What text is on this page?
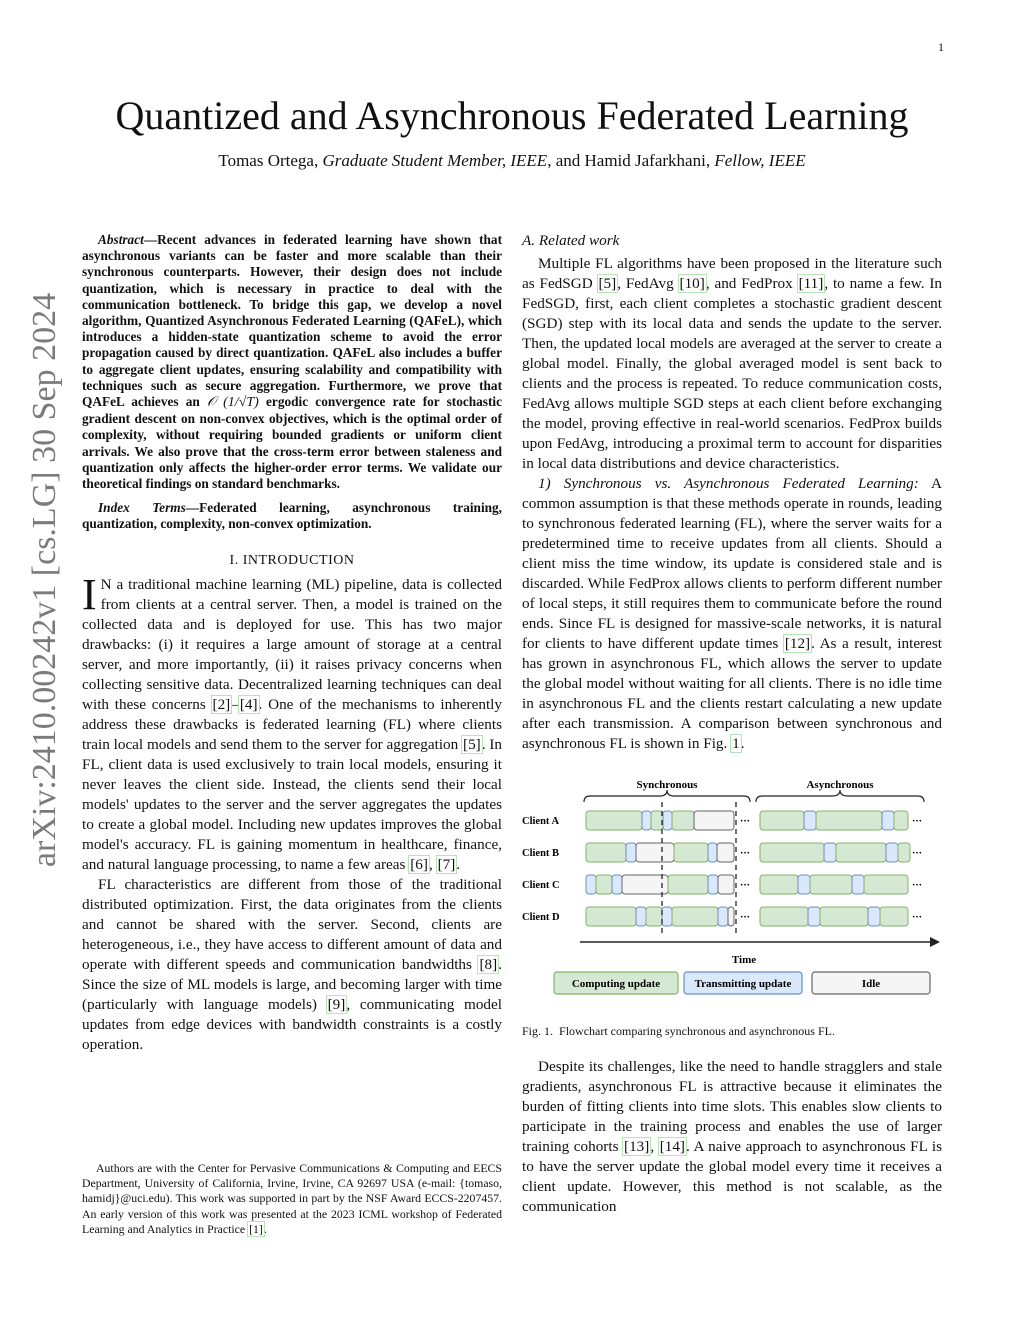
1
arXiv:2410.00242v1 [cs.LG] 30 Sep 2024
Quantized and Asynchronous Federated Learning
Tomas Ortega, Graduate Student Member, IEEE, and Hamid Jafarkhani, Fellow, IEEE

Abstract—Recent advances in federated learning have shown that asynchronous variants can be faster and more scalable than their synchronous counterparts. However, their design does not include quantization, which is necessary in practice to deal with the communication bottleneck. To bridge this gap, we develop a novel algorithm, Quantized Asynchronous Federated Learning (QAFeL), which introduces a hidden-state quantization scheme to avoid the error propagation caused by direct quantization. QAFeL also includes a buffer to aggregate client updates, ensuring scalability and compatibility with techniques such as secure aggregation. Furthermore, we prove that QAFeL achieves an 𝒪 (1/√T) ergodic convergence rate for stochastic gradient descent on non-convex objectives, which is the optimal order of complexity, without requiring bounded gradients or uniform client arrivals. We also prove that the cross-term error between staleness and quantization only affects the higher-order error terms. We validate our theoretical findings on standard benchmarks.

Index Terms—Federated learning, asynchronous training, quantization, complexity, non-convex optimization.

I. INTRODUCTION

I N a traditional machine learning (ML) pipeline, data is collected from clients at a central server. Then, a model is trained on the collected data and is deployed for use. This has two major drawbacks: (i) it requires a large amount of storage at a central server, and more importantly, (ii) it raises privacy concerns when collecting sensitive data. Decentralized learning techniques can deal with these concerns [2]–[4]. One of the mechanisms to inherently address these drawbacks is federated learning (FL) where clients train local models and send them to the server for aggregation [5]. In FL, client data is used exclusively to train local models, ensuring it never leaves the client side. Instead, the clients send their local models' updates to the server and the server aggregates the updates to create a global model. Including new updates improves the global model's accuracy. FL is gaining momentum in healthcare, finance, and natural language processing, to name a few areas [6], [7].

FL characteristics are different from those of the traditional distributed optimization. First, the data originates from the clients and cannot be shared with the server. Second, clients are heterogeneous, i.e., they have access to different amount of data and operate with different speeds and communication bandwidths [8]. Since the size of ML models is large, and becoming larger with time (particularly with language models) [9], communicating model updates from edge devices with bandwidth constraints is a costly operation.

Authors are with the Center for Pervasive Communications & Computing and EECS Department, University of California, Irvine, Irvine, CA 92697 USA (e-mail: {tomaso, hamidj}@uci.edu). This work was supported in part by the NSF Award ECCS-2207457. An early version of this work was presented at the 2023 ICML workshop of Federated Learning and Analytics in Practice [1].

A. Related work

Multiple FL algorithms have been proposed in the literature such as FedSGD [5], FedAvg [10], and FedProx [11], to name a few. In FedSGD, first, each client completes a stochastic gradient descent (SGD) step with its local data and sends the update to the server. Then, the updated local models are averaged at the server to create a global model. Finally, the global averaged model is sent back to clients and the process is repeated. To reduce communication costs, FedAvg allows multiple SGD steps at each client before exchanging the model, proving effective in real-world scenarios. FedProx builds upon FedAvg, introducing a proximal term to account for disparities in local data distributions and device characteristics.

1) Synchronous vs. Asynchronous Federated Learning: A common assumption is that these methods operate in rounds, leading to synchronous federated learning (FL), where the server waits for a predetermined time to receive updates from all clients. Should a client miss the time window, its update is considered stale and is discarded. While FedProx allows clients to perform different number of local steps, it still requires them to communicate before the round ends. Since FL is designed for massive-scale networks, it is natural for clients to have different update times [12]. As a result, interest has grown in asynchronous FL, which allows the server to update the global model without waiting for all clients. There is no idle time in asynchronous FL and the clients restart calculating a new update after each transmission. A comparison between synchronous and asynchronous FL is shown in Fig. 1.

Synchronous	Asynchronous
Client A
Client B
Client C
Client D
···	···
···	···
···	···
···	···
Time
Computing update	Transmitting update	Idle
Fig. 1. Flowchart comparing synchronous and asynchronous FL.

Despite its challenges, like the need to handle stragglers and stale gradients, asynchronous FL is attractive because it eliminates the burden of fitting clients into time slots. This enables slow clients to participate in the training process and enables the use of larger training cohorts [13], [14]. A naive approach to asynchronous FL is to have the server update the global model every time it receives a client update. However, this method is not scalable, as the communication
